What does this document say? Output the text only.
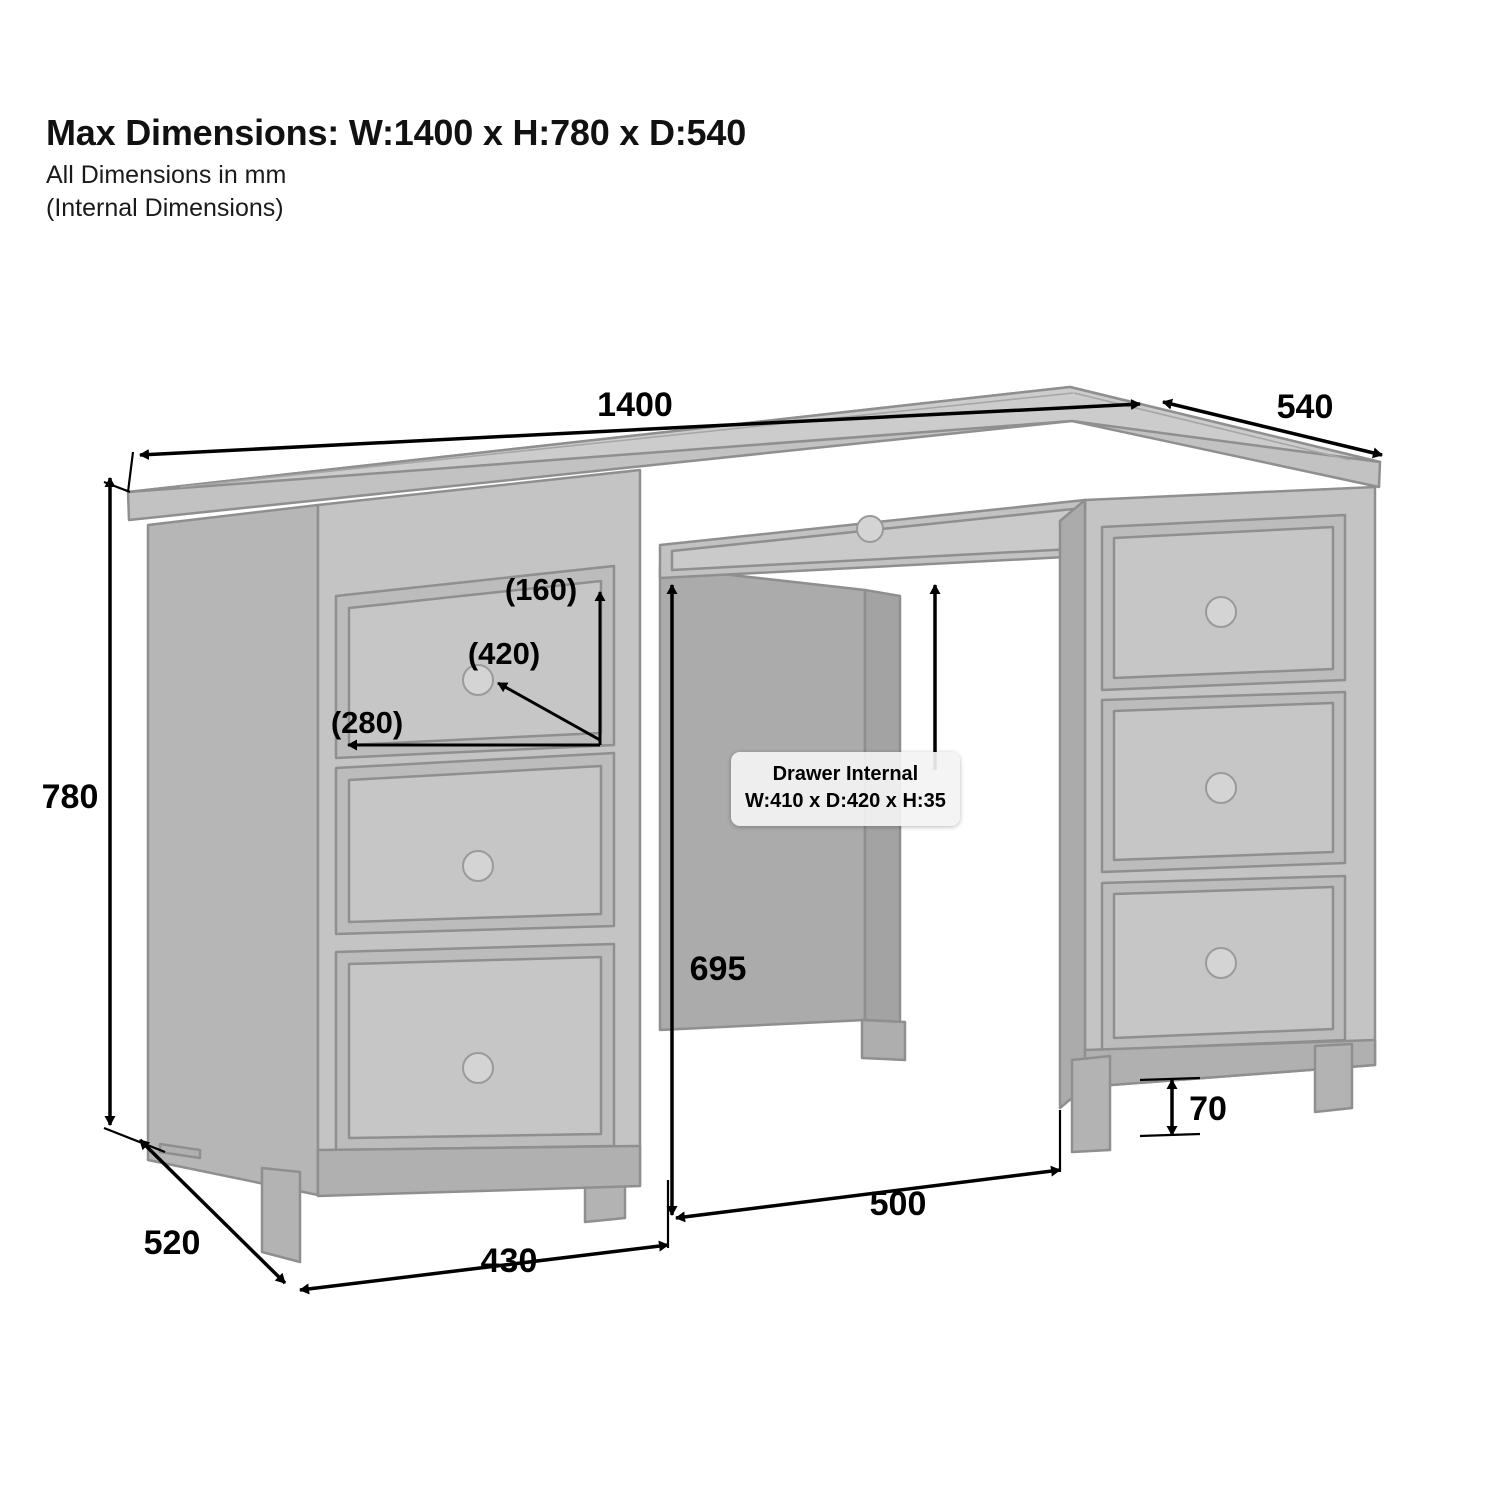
Max Dimensions: W:1400 x H:780 x D:540
All Dimensions in mm
(Internal Dimensions)
1400	540
780
695
520	430
500
70
(160)
(420)
(280)
Drawer Internal
W:410 x D:420 x H:35
